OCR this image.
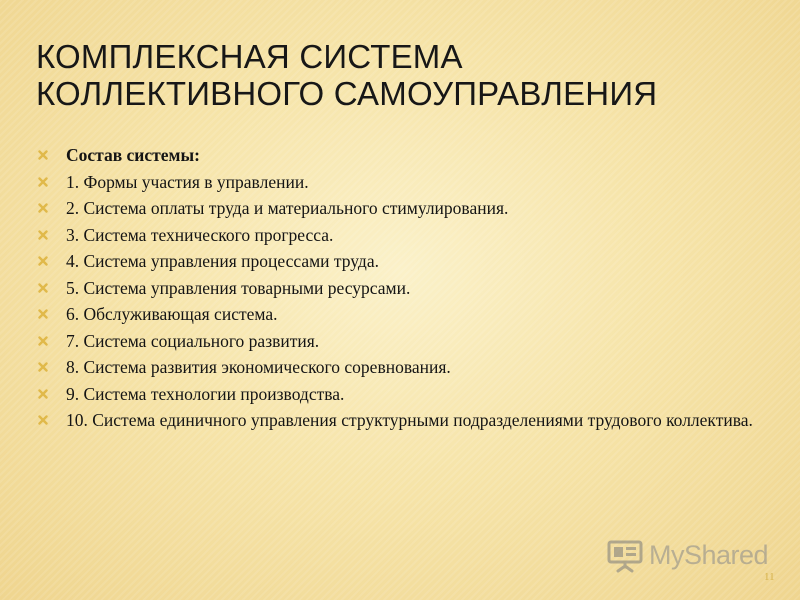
КОМПЛЕКСНАЯ СИСТЕМА
КОЛЛЕКТИВНОГО САМОУПРАВЛЕНИЯ
Состав системы:
1. Формы участия в управлении.
2. Система оплаты труда и материального стимулирования.
3. Система технического прогресса.
4. Система управления процессами труда.
5. Система управления товарными ресурсами.
6. Обслуживающая система.
7. Система социального развития.
8. Система развития экономического соревнования.
9. Система технологии производства.
10. Система единичного управления структурными подразделениями трудового коллектива.
MyShared
11
